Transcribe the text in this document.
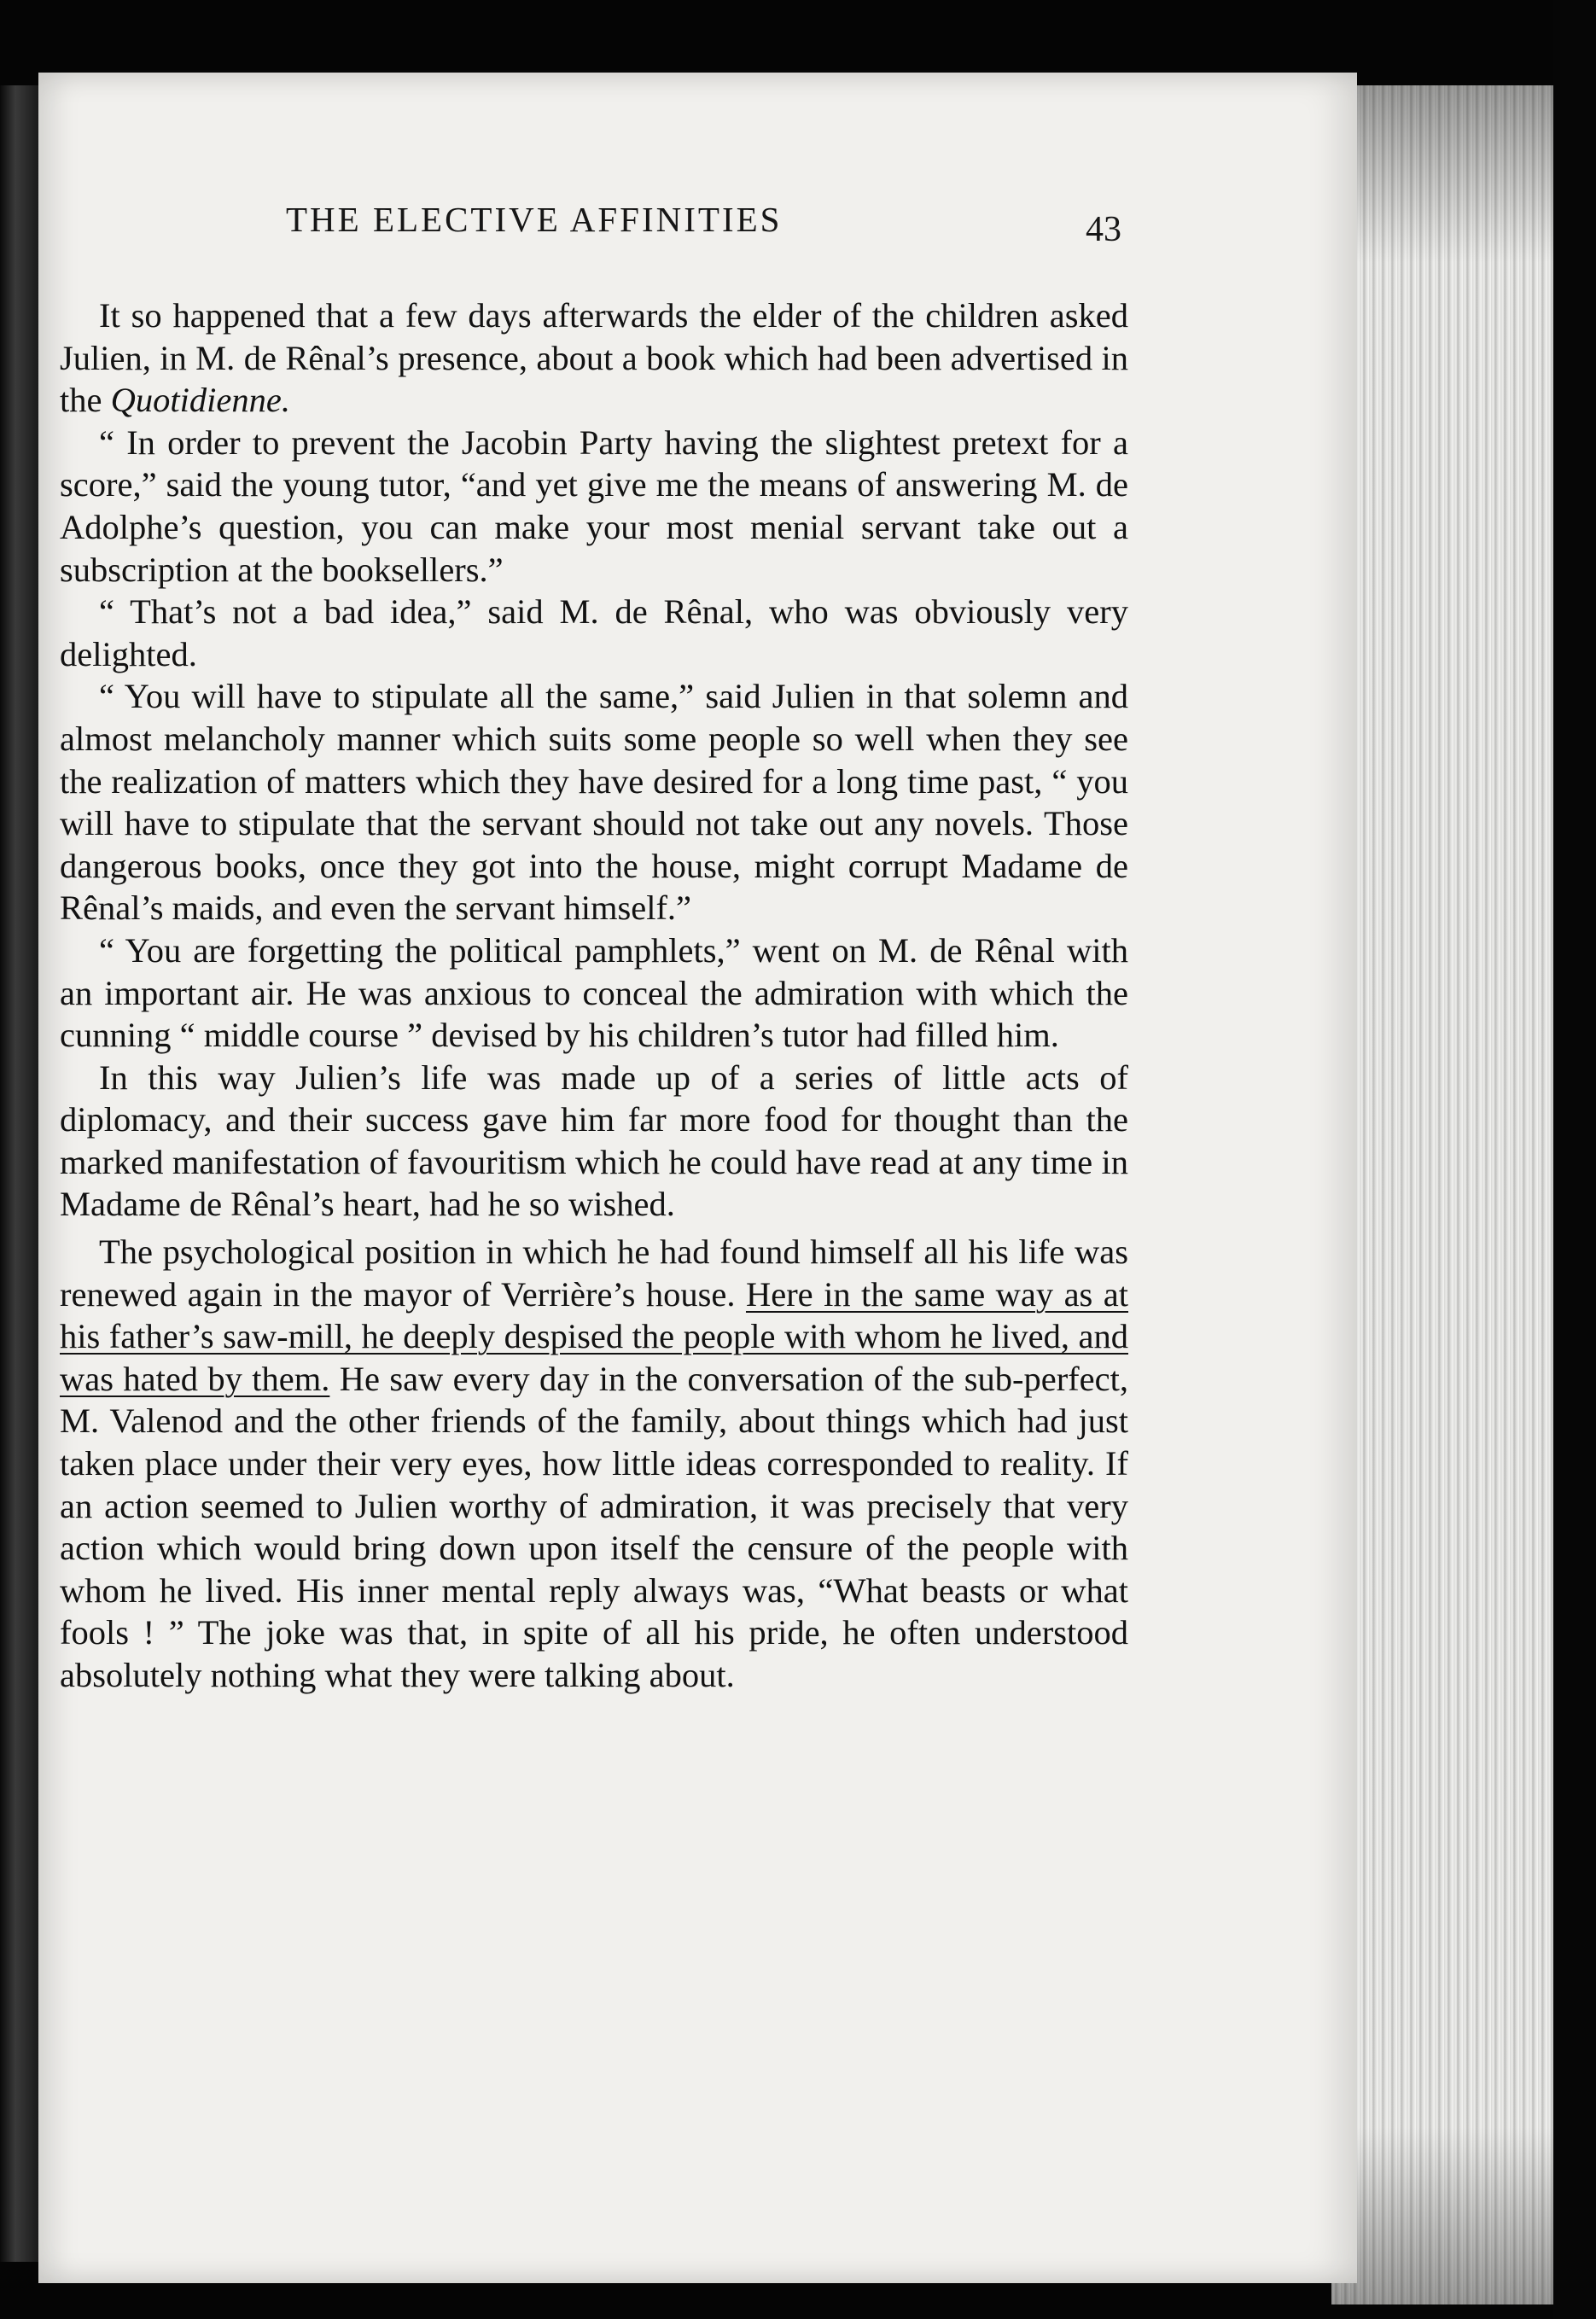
THE ELECTIVE AFFINITIES	43

It so happened that a few days afterwards the elder of the children asked Julien, in M. de Rênal’s presence, about a book which had been advertised in the Quotidienne.

“ In order to prevent the Jacobin Party having the slightest pretext for a score,” said the young tutor, “and yet give me the means of answering M. de Adolphe’s question, you can make your most menial servant take out a subscription at the booksellers.”

“ That’s not a bad idea,” said M. de Rênal, who was obviously very delighted.

“ You will have to stipulate all the same,” said Julien in that solemn and almost melancholy manner which suits some people so well when they see the realization of matters which they have desired for a long time past, “ you will have to stipulate that the servant should not take out any novels. Those dangerous books, once they got into the house, might corrupt Madame de Rênal’s maids, and even the servant himself.”

“ You are forgetting the political pamphlets,” went on M. de Rênal with an important air. He was anxious to conceal the admiration with which the cunning “ middle course ” devised by his children’s tutor had filled him.

In this way Julien’s life was made up of a series of little acts of diplomacy, and their success gave him far more food for thought than the marked manifestation of favouritism which he could have read at any time in Madame de Rênal’s heart, had he so wished.

The psychological position in which he had found himself all his life was renewed again in the mayor of Verrière’s house. Here in the same way as at his father’s saw-mill, he deeply despised the people with whom he lived, and was hated by them. He saw every day in the conversation of the sub-perfect, M. Valenod and the other friends of the family, about things which had just taken place under their very eyes, how little ideas corresponded to reality. If an action seemed to Julien worthy of admiration, it was precisely that very action which would bring down upon itself the censure of the people with whom he lived. His inner mental reply always was, “What beasts or what fools ! ” The joke was that, in spite of all his pride, he often understood absolutely nothing what they were talking about.
